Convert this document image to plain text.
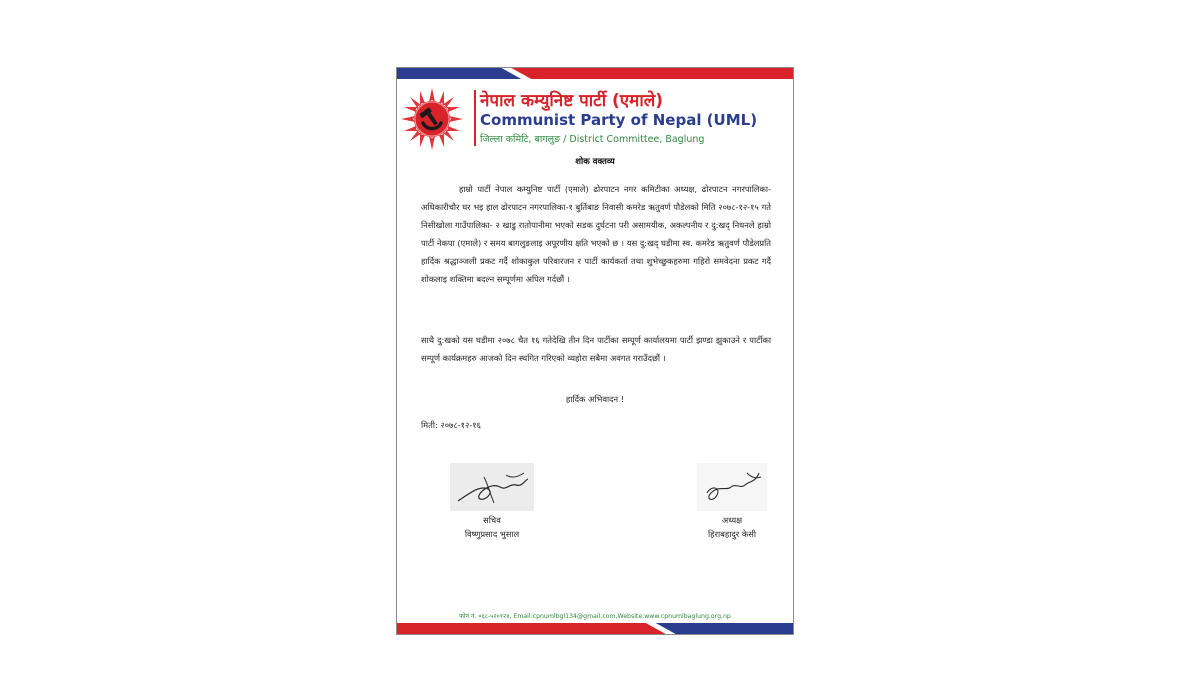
नेपाल कम्युनिष्ट पार्टी (एमाले)
Communist Party of Nepal (UML)
जिल्ला कमिटि, बागलुङ / District Committee, Baglung
शोक वक्तव्य

हाम्रो पार्टी नेपाल कम्युनिष्ट पार्टी (एमाले) ढोरपाटन नगर कमिटीका अध्यक्ष, ढोरपाटन नगरपालिका- अधिकारीचौर घर भइ हाल ढोरपाटन नगरपालिका-१ बुर्तिबाङ निवासी कमरेड ऋतुवर्ण पौडेलको मिति २०७८-१२-१५ गते निसीखोला गाउँपालिका- २ खाडु रातोपानीमा भएको सडक दुर्घटना परी असामयीक, अकल्पनीय र दु:खद् निधनले हाम्रो पार्टी नेकपा (एमाले) र समय बागलुङलाइ अपूरणीय क्षति भएको छ । यस दु:खद् घडीमा स्व. कमरेड ऋतुवर्ण पौडेलप्रति हार्दिक श्रद्धाञ्जली प्रकट गर्दै शोकाकुल परिवारजन र पार्टी कार्यकर्ता तथा शुभेच्छुकहरुमा गहिरो समवेदना प्रकट गर्दै शोकलाइ शक्तिमा बदल्न सम्पूर्णमा अपिल गर्दछौं ।

साथै दु:खको यस घडीमा २०७८ चैत १६ गतेदेखि तीन दिन पार्टीका सम्पूर्ण कार्यालयमा पार्टी झण्डा झुकाउने र पार्टीका सम्पूर्ण कार्यक्रमहरु आजको दिन स्थगित गरिएको व्यहोरा सबैमा अवगत गराउँदछौं ।

हार्दिक अभिवादन !
मिती: २०७८-१२-१६
सचिव
विष्णुप्रसाद भुसाल
अध्यक्ष
हिराबहादुर केसी
फोन नं. ०६८-५२०१२४, Email:cpnumlbgl134@gmail.com,Website:www.cpnumlbaglung.org.np
